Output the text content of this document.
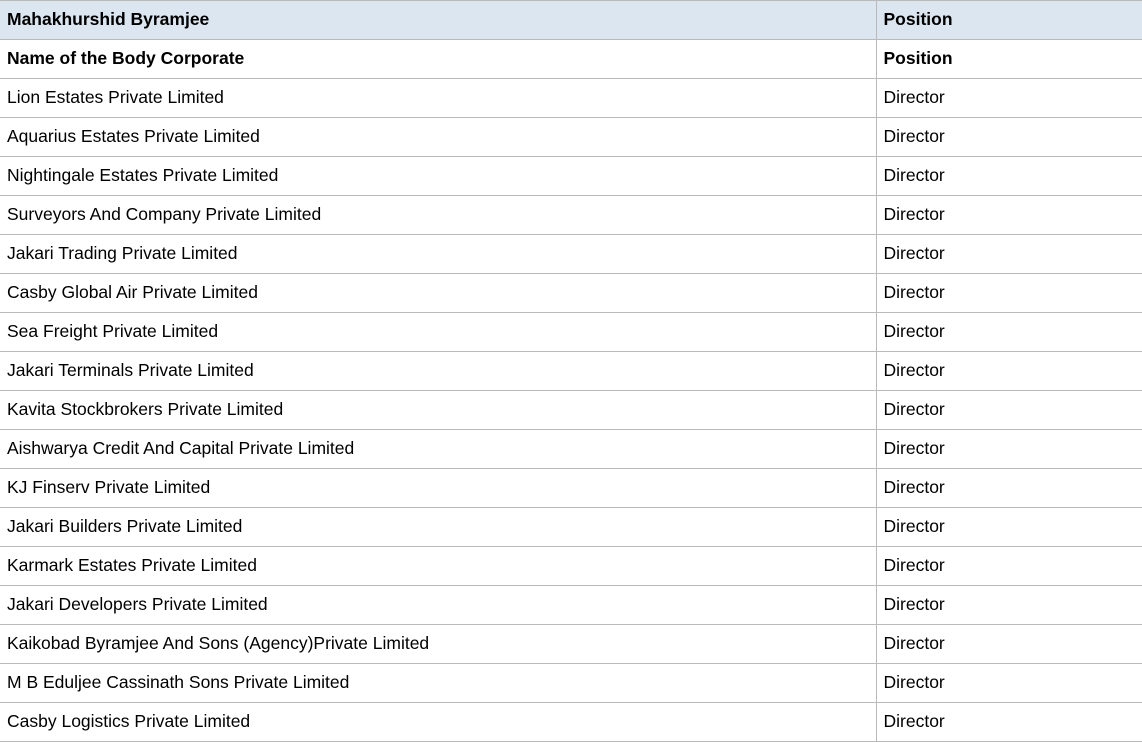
Mahakhurshid Byramjee	Position

Name of the Body Corporate	Position

Lion Estates Private Limited	Director

Aquarius Estates Private Limited	Director

Nightingale Estates Private Limited	Director

Surveyors And Company Private Limited	Director

Jakari Trading Private Limited	Director

Casby Global Air Private Limited	Director

Sea Freight Private Limited	Director

Jakari Terminals Private Limited	Director

Kavita Stockbrokers Private Limited	Director

Aishwarya Credit And Capital Private Limited	Director

KJ Finserv Private Limited	Director

Jakari Builders Private Limited	Director

Karmark Estates Private Limited	Director

Jakari Developers Private Limited	Director

Kaikobad Byramjee And Sons (Agency)Private Limited	Director

M B Eduljee Cassinath Sons Private Limited	Director

Casby Logistics Private Limited	Director
